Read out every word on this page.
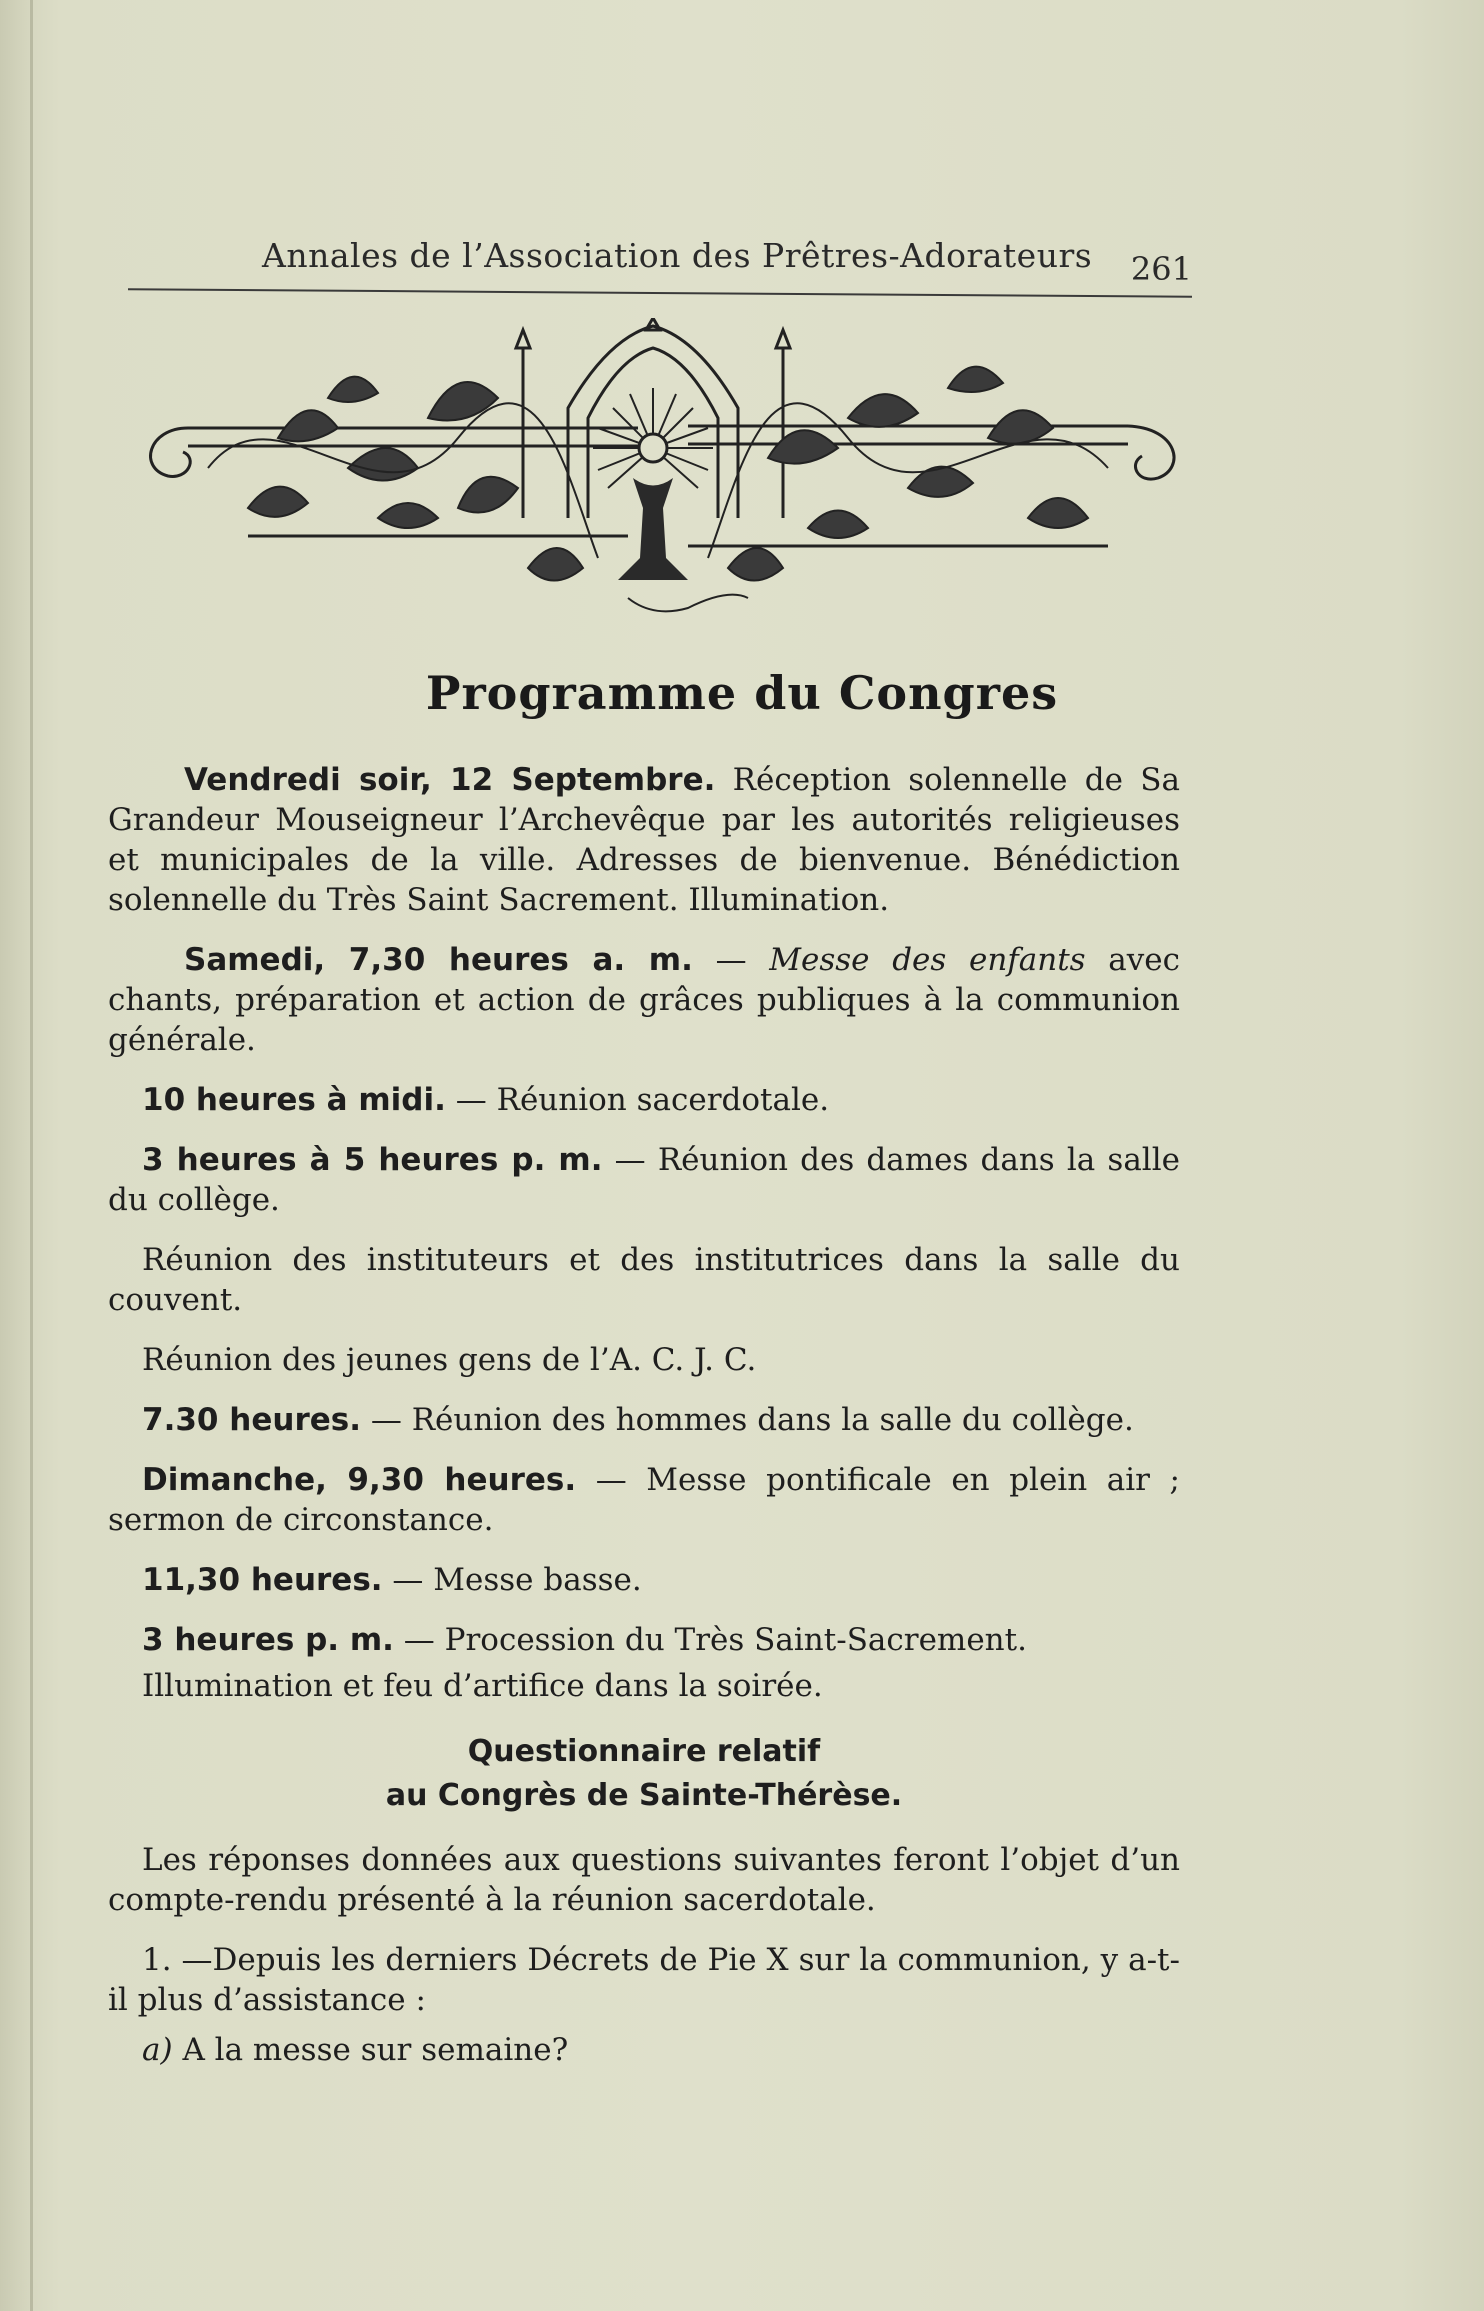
Annales de l’Association des Prêtres-Adorateurs 261
Programme du Congres

Vendredi soir, 12 Septembre. Réception solennelle de Sa Grandeur Mouseigneur l’Archevêque par les autorités religieuses et municipales de la ville. Adresses de bienvenue. Bénédiction solennelle du Très Saint Sacrement. Illumination.

Samedi, 7,30 heures a. m. — Messe des enfants avec chants, préparation et action de grâces publiques à la communion générale.

10 heures à midi. — Réunion sacerdotale.

3 heures à 5 heures p. m. — Réunion des dames dans la salle du collège.

Réunion des instituteurs et des institutrices dans la salle du couvent.

Réunion des jeunes gens de l’A. C. J. C.

7.30 heures. — Réunion des hommes dans la salle du collège.

Dimanche, 9,30 heures. — Messe pontificale en plein air ; sermon de circonstance.

11,30 heures. — Messe basse.

3 heures p. m. — Procession du Très Saint-Sacrement.

Illumination et feu d’artifice dans la soirée.

Questionnaire relatif
au Congrès de Sainte-Thérèse.

Les réponses données aux questions suivantes feront l’objet d’un compte-rendu présenté à la réunion sacerdotale.

1. —Depuis les derniers Décrets de Pie X sur la communion, y a-t-il plus d’assistance :

a) A la messe sur semaine?
